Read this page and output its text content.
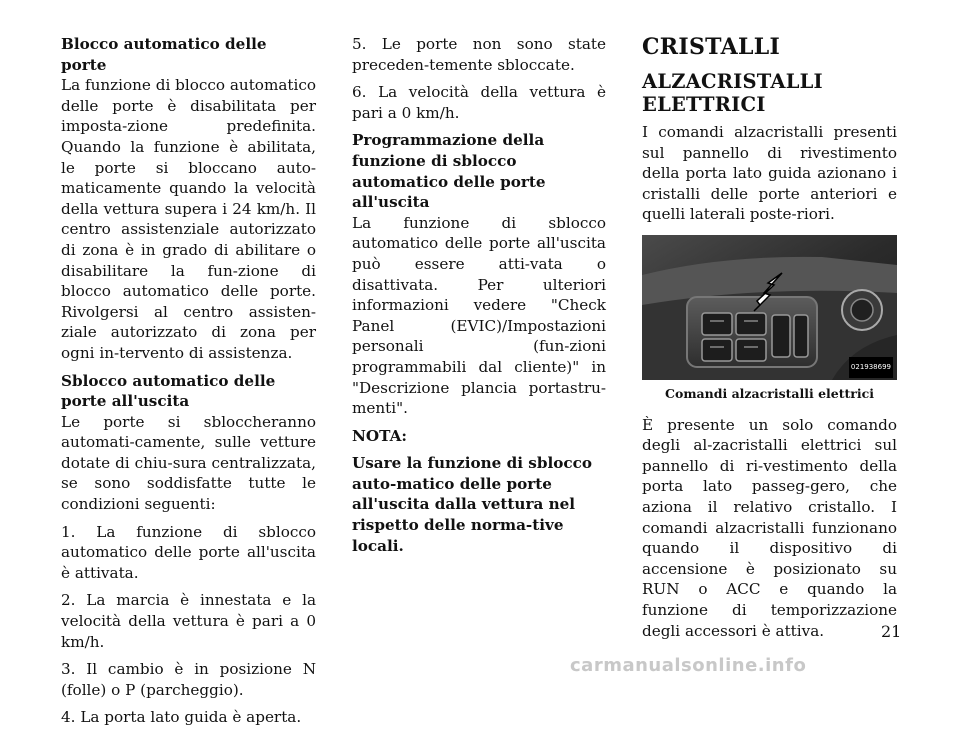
Blocco automatico delle porte

La funzione di blocco automatico delle porte è disabilitata per imposta-zione predefinita. Quando la funzione è abilitata, le porte si bloccano auto-maticamente quando la velocità della vettura supera i 24 km/h. Il centro assistenziale autorizzato di zona è in grado di abilitare o disabilitare la fun-zione di blocco automatico delle porte. Rivolgersi al centro assisten-ziale autorizzato di zona per ogni in-tervento di assistenza.

Sblocco automatico delle porte all'uscita

Le porte si sbloccheranno automati-camente, sulle vetture dotate di chiu-sura centralizzata, se sono soddisfatte tutte le condizioni seguenti:

1. La funzione di sblocco automatico delle porte all'uscita è attivata.

2. La marcia è innestata e la velocità della vettura è pari a 0 km/h.

3. Il cambio è in posizione N (folle) o P (parcheggio).

4. La porta lato guida è aperta.

5. Le porte non sono state preceden-temente sbloccate.

6. La velocità della vettura è pari a 0 km/h.

Programmazione della funzione di sblocco automatico delle porte all'uscita

La funzione di sblocco automatico delle porte all'uscita può essere atti-vata o disattivata. Per ulteriori informazioni vedere "Check Panel (EVIC)/Impostazioni personali (fun-zioni programmabili dal cliente)" in "Descrizione plancia portastru-menti".

NOTA:

Usare la funzione di sblocco auto-matico delle porte all'uscita dalla vettura nel rispetto delle norma-tive locali.

CRISTALLI
ALZACRISTALLI ELETTRICI

I comandi alzacristalli presenti sul pannello di rivestimento della porta lato guida azionano i cristalli delle porte anteriori e quelli laterali poste-riori.

021938699
Comandi alzacristalli elettrici

È presente un solo comando degli al-zacristalli elettrici sul pannello di ri-vestimento della porta lato passeg-gero, che aziona il relativo cristallo. I comandi alzacristalli funzionano quando il dispositivo di accensione è posizionato su RUN o ACC e quando la funzione di temporizzazione degli accessori è attiva.	21
carmanualsonline.info
